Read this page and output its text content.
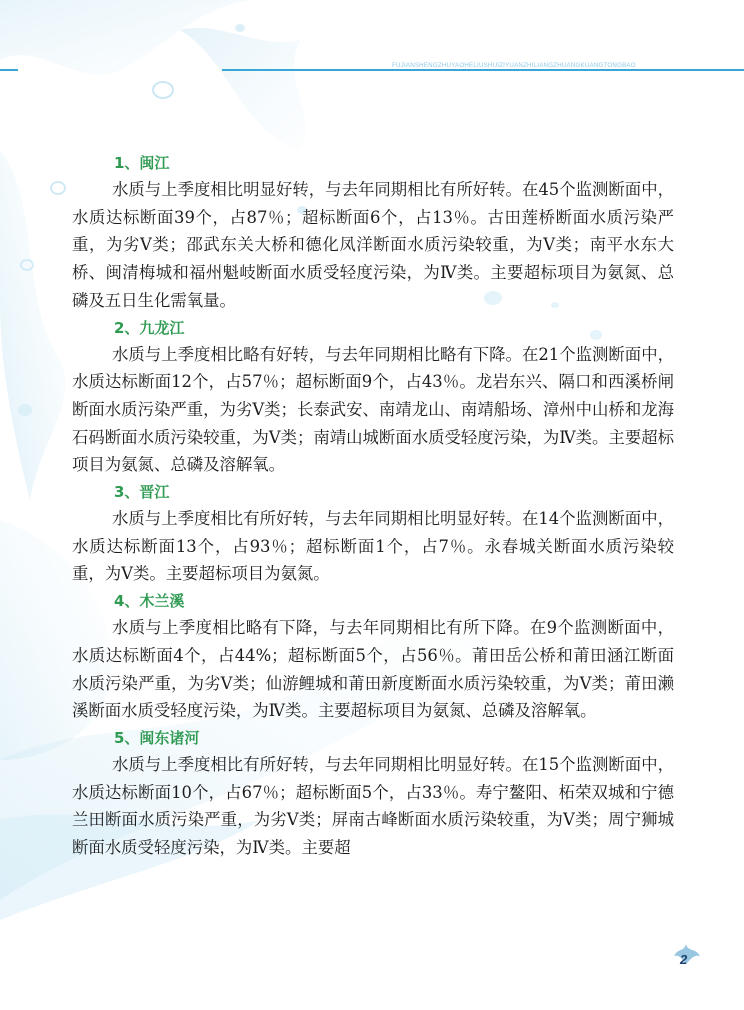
FUJIANSHENGZHUYAOHELIUSHUIZIYUANZHILIANGZHUANGKUANGTONGBAO
1、闽江

水质与上季度相比明显好转，与去年同期相比有所好转。在45个监测断面中，水质达标断面39个，占87％；超标断面6个，占13％。古田莲桥断面水质污染严重，为劣Ⅴ类；邵武东关大桥和德化凤洋断面水质污染较重，为Ⅴ类；南平水东大桥、闽清梅城和福州魁岐断面水质受轻度污染，为Ⅳ类。主要超标项目为氨氮、总磷及五日生化需氧量。

2、九龙江

水质与上季度相比略有好转，与去年同期相比略有下降。在21个监测断面中，水质达标断面12个，占57％；超标断面9个，占43％。龙岩东兴、隔口和西溪桥闸断面水质污染严重，为劣Ⅴ类；长泰武安、南靖龙山、南靖船场、漳州中山桥和龙海石码断面水质污染较重，为Ⅴ类；南靖山城断面水质受轻度污染，为Ⅳ类。主要超标项目为氨氮、总磷及溶解氧。

3、晋江

水质与上季度相比有所好转，与去年同期相比明显好转。在14个监测断面中，水质达标断面13个，占93％；超标断面1个，占7％。永春城关断面水质污染较重，为Ⅴ类。主要超标项目为氨氮。

4、木兰溪

水质与上季度相比略有下降，与去年同期相比有所下降。在9个监测断面中，水质达标断面4个，占44%；超标断面5个，占56％。莆田岳公桥和莆田涵江断面水质污染严重，为劣Ⅴ类；仙游鲤城和莆田新度断面水质污染较重，为Ⅴ类；莆田濑溪断面水质受轻度污染，为Ⅳ类。主要超标项目为氨氮、总磷及溶解氧。

5、闽东诸河

水质与上季度相比有所好转，与去年同期相比明显好转。在15个监测断面中，水质达标断面10个，占67％；超标断面5个，占33％。寿宁鳌阳、柘荣双城和宁德兰田断面水质污染严重，为劣Ⅴ类；屏南古峰断面水质污染较重，为Ⅴ类；周宁狮城断面水质受轻度污染，为Ⅳ类。主要超

2
